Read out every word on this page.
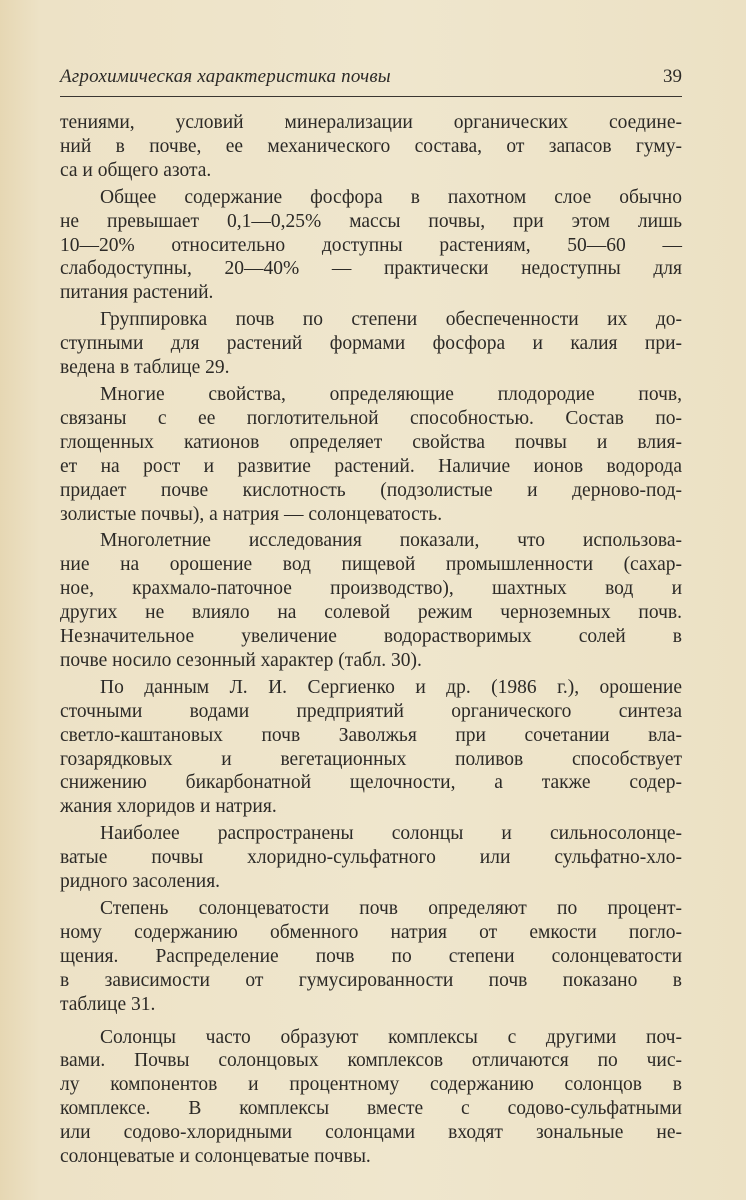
Агрохимическая характеристика почвы	39

тениями, условий минерализации органических соедине-
ний в почве, ее механического состава, от запасов гуму-
са и общего азота.

Общее содержание фосфора в пахотном слое обычно
не превышает 0,1—0,25% массы почвы, при этом лишь
10—20% относительно доступны растениям, 50—60 —
слабодоступны, 20—40% — практически недоступны для
питания растений.

Группировка почв по степени обеспеченности их до-
ступными для растений формами фосфора и калия при-
ведена в таблице 29.

Многие свойства, определяющие плодородие почв,
связаны с ее поглотительной способностью. Состав по-
глощенных катионов определяет свойства почвы и влия-
ет на рост и развитие растений. Наличие ионов водорода
придает почве кислотность (подзолистые и дерново-под-
золистые почвы), а натрия — солонцеватость.

Многолетние исследования показали, что использова-
ние на орошение вод пищевой промышленности (сахар-
ное, крахмало-паточное производство), шахтных вод и
других не влияло на солевой режим черноземных почв.
Незначительное увеличение водорастворимых солей в
почве носило сезонный характер (табл. 30).

По данным Л. И. Сергиенко и др. (1986 г.), орошение
сточными водами предприятий органического синтеза
светло-каштановых почв Заволжья при сочетании вла-
гозарядковых и вегетационных поливов способствует
снижению бикарбонатной щелочности, а также содер-
жания хлоридов и натрия.

Наиболее распространены солонцы и сильносолонце-
ватые почвы хлоридно-сульфатного или сульфатно-хло-
ридного засоления.

Степень солонцеватости почв определяют по процент-
ному содержанию обменного натрия от емкости погло-
щения. Распределение почв по степени солонцеватости
в зависимости от гумусированности почв показано в
таблице 31.

Солонцы часто образуют комплексы с другими поч-
вами. Почвы солонцовых комплексов отличаются по чис-
лу компонентов и процентному содержанию солонцов в
комплексе. В комплексы вместе с содово-сульфатными
или содово-хлоридными солонцами входят зональные не-
солонцеватые и солонцеватые почвы.
